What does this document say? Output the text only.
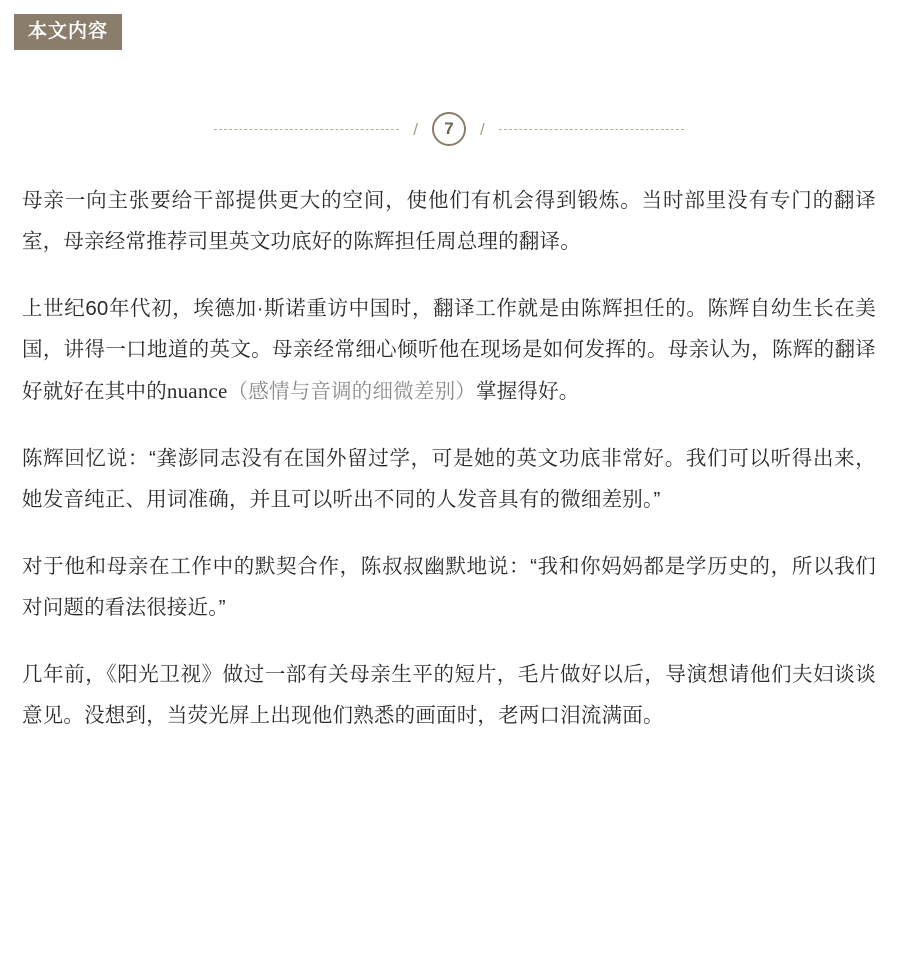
本文内容
/	7	/

母亲一向主张要给干部提供更大的空间，使他们有机会得到锻炼。当时部里没有专门的翻译室，母亲经常推荐司里英文功底好的陈辉担任周总理的翻译。

上世纪60年代初，埃德加·斯诺重访中国时，翻译工作就是由陈辉担任的。陈辉自幼生长在美国，讲得一口地道的英文。母亲经常细心倾听他在现场是如何发挥的。母亲认为，陈辉的翻译好就好在其中的nuance（感情与音调的细微差别）掌握得好。

陈辉回忆说：“龚澎同志没有在国外留过学，可是她的英文功底非常好。我们可以听得出来，她发音纯正、用词准确，并且可以听出不同的人发音具有的微细差别。”

对于他和母亲在工作中的默契合作，陈叔叔幽默地说：“我和你妈妈都是学历史的，所以我们对问题的看法很接近。”

几年前，《阳光卫视》做过一部有关母亲生平的短片，毛片做好以后，导演想请他们夫妇谈谈意见。没想到，当荧光屏上出现他们熟悉的画面时，老两口泪流满面。
